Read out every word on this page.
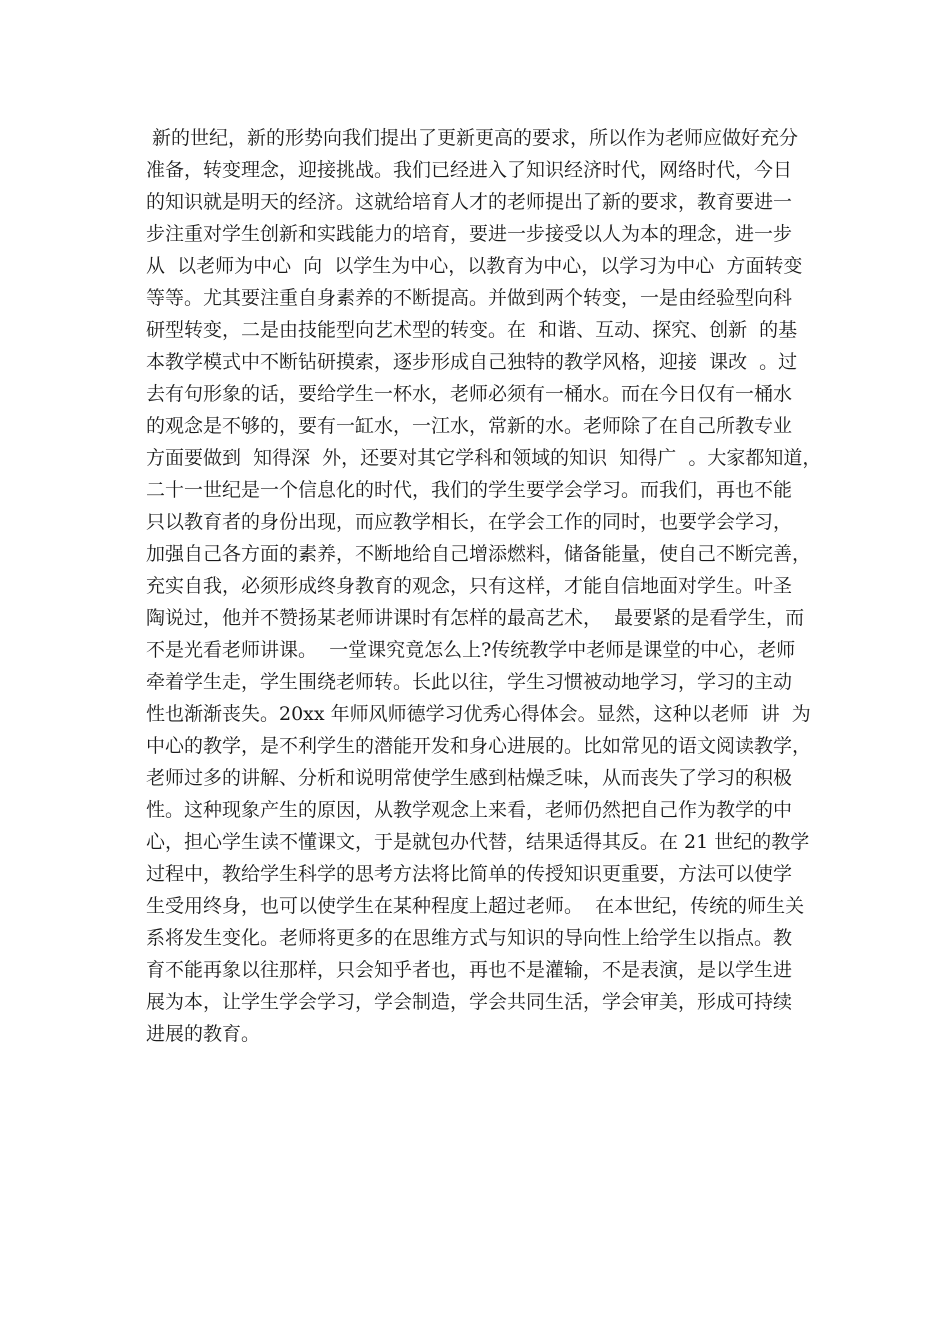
新的世纪，新的形势向我们提出了更新更高的要求，所以作为老师应做好充分
准备，转变理念，迎接挑战。我们已经进入了知识经济时代，网络时代，今日
的知识就是明天的经济。这就给培育人才的老师提出了新的要求，教育要进一
步注重对学生创新和实践能力的培育，要进一步接受以人为本的理念，进一步
从  以老师为中心  向  以学生为中心，以教育为中心，以学习为中心  方面转变
等等。尤其要注重自身素养的不断提高。并做到两个转变，一是由经验型向科
研型转变，二是由技能型向艺术型的转变。在  和谐、互动、探究、创新  的基
本教学模式中不断钻研摸索，逐步形成自己独特的教学风格，迎接  课改  。过
去有句形象的话，要给学生一杯水，老师必须有一桶水。而在今日仅有一桶水
的观念是不够的，要有一缸水，一江水，常新的水。老师除了在自己所教专业
方面要做到  知得深  外，还要对其它学科和领域的知识  知得广  。大家都知道，
二十一世纪是一个信息化的时代，我们的学生要学会学习。而我们，再也不能
只以教育者的身份出现，而应教学相长，在学会工作的同时，也要学会学习，
加强自己各方面的素养，不断地给自己增添燃料，储备能量，使自己不断完善，
充实自我，必须形成终身教育的观念，只有这样，才能自信地面对学生。叶圣
陶说过，他并不赞扬某老师讲课时有怎样的最高艺术，  最要紧的是看学生，而
不是光看老师讲课。  一堂课究竟怎么上?传统教学中老师是课堂的中心，老师
牵着学生走，学生围绕老师转。长此以往，学生习惯被动地学习，学习的主动
性也渐渐丧失。20xx 年师风师德学习优秀心得体会。显然，这种以老师  讲  为
中心的教学，是不利学生的潜能开发和身心进展的。比如常见的语文阅读教学，
老师过多的讲解、分析和说明常使学生感到枯燥乏味，从而丧失了学习的积极
性。这种现象产生的原因，从教学观念上来看，老师仍然把自己作为教学的中
心，担心学生读不懂课文，于是就包办代替，结果适得其反。在 21 世纪的教学
过程中，教给学生科学的思考方法将比简单的传授知识更重要，方法可以使学
生受用终身，也可以使学生在某种程度上超过老师。  在本世纪，传统的师生关
系将发生变化。老师将更多的在思维方式与知识的导向性上给学生以指点。教
育不能再象以往那样，只会知乎者也，再也不是灌输，不是表演，是以学生进
展为本，让学生学会学习，学会制造，学会共同生活，学会审美，形成可持续
进展的教育。
